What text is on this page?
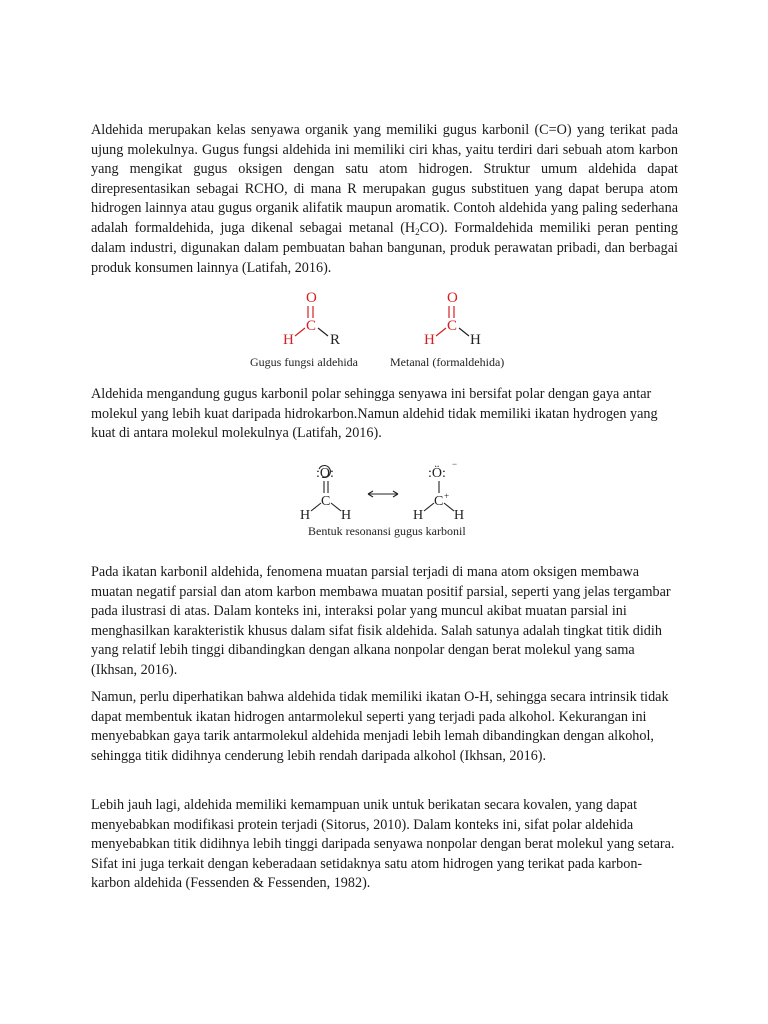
Aldehida merupakan kelas senyawa organik yang memiliki gugus karbonil (C=O) yang terikat pada ujung molekulnya. Gugus fungsi aldehida ini memiliki ciri khas, yaitu terdiri dari sebuah atom karbon yang mengikat gugus oksigen dengan satu atom hidrogen. Struktur umum aldehida dapat direpresentasikan sebagai RCHO, di mana R merupakan gugus substituen yang dapat berupa atom hidrogen lainnya atau gugus organik alifatik maupun aromatik. Contoh aldehida yang paling sederhana adalah formaldehida, juga dikenal sebagai metanal $(H_2CO)$. Formaldehida memiliki peran penting dalam industri, digunakan dalam pembuatan bahan bangunan, produk perawatan pribadi, dan berbagai produk konsumen lainnya (Latifah, 2016).

O
C
H R
O
C
H H
Gugus fungsi aldehida	Metanal (formaldehida)

Aldehida mengandung gugus karbonil polar sehingga senyawa ini bersifat polar dengan gaya antar molekul yang lebih kuat daripada hidrokarbon.Namun aldehid tidak memiliki ikatan hydrogen yang kuat di antara molekul molekulnya (Latifah, 2016).

:O:
C
H H
:Ö:
−
C +
H H
Bentuk resonansi gugus karbonil

Pada ikatan karbonil aldehida, fenomena muatan parsial terjadi di mana atom oksigen membawa muatan negatif parsial dan atom karbon membawa muatan positif parsial, seperti yang jelas tergambar pada ilustrasi di atas. Dalam konteks ini, interaksi polar yang muncul akibat muatan parsial ini menghasilkan karakteristik khusus dalam sifat fisik aldehida. Salah satunya adalah tingkat titik didih yang relatif lebih tinggi dibandingkan dengan alkana nonpolar dengan berat molekul yang sama (Ikhsan, 2016).

Namun, perlu diperhatikan bahwa aldehida tidak memiliki ikatan O-H, sehingga secara intrinsik tidak dapat membentuk ikatan hidrogen antarmolekul seperti yang terjadi pada alkohol. Kekurangan ini menyebabkan gaya tarik antarmolekul aldehida menjadi lebih lemah dibandingkan dengan alkohol, sehingga titik didihnya cenderung lebih rendah daripada alkohol (Ikhsan, 2016).

Lebih jauh lagi, aldehida memiliki kemampuan unik untuk berikatan secara kovalen, yang dapat menyebabkan modifikasi protein terjadi (Sitorus, 2010). Dalam konteks ini, sifat polar aldehida menyebabkan titik didihnya lebih tinggi daripada senyawa nonpolar dengan berat molekul yang setara. Sifat ini juga terkait dengan keberadaan setidaknya satu atom hidrogen yang terikat pada karbon-karbon aldehida (Fessenden & Fessenden, 1982).
